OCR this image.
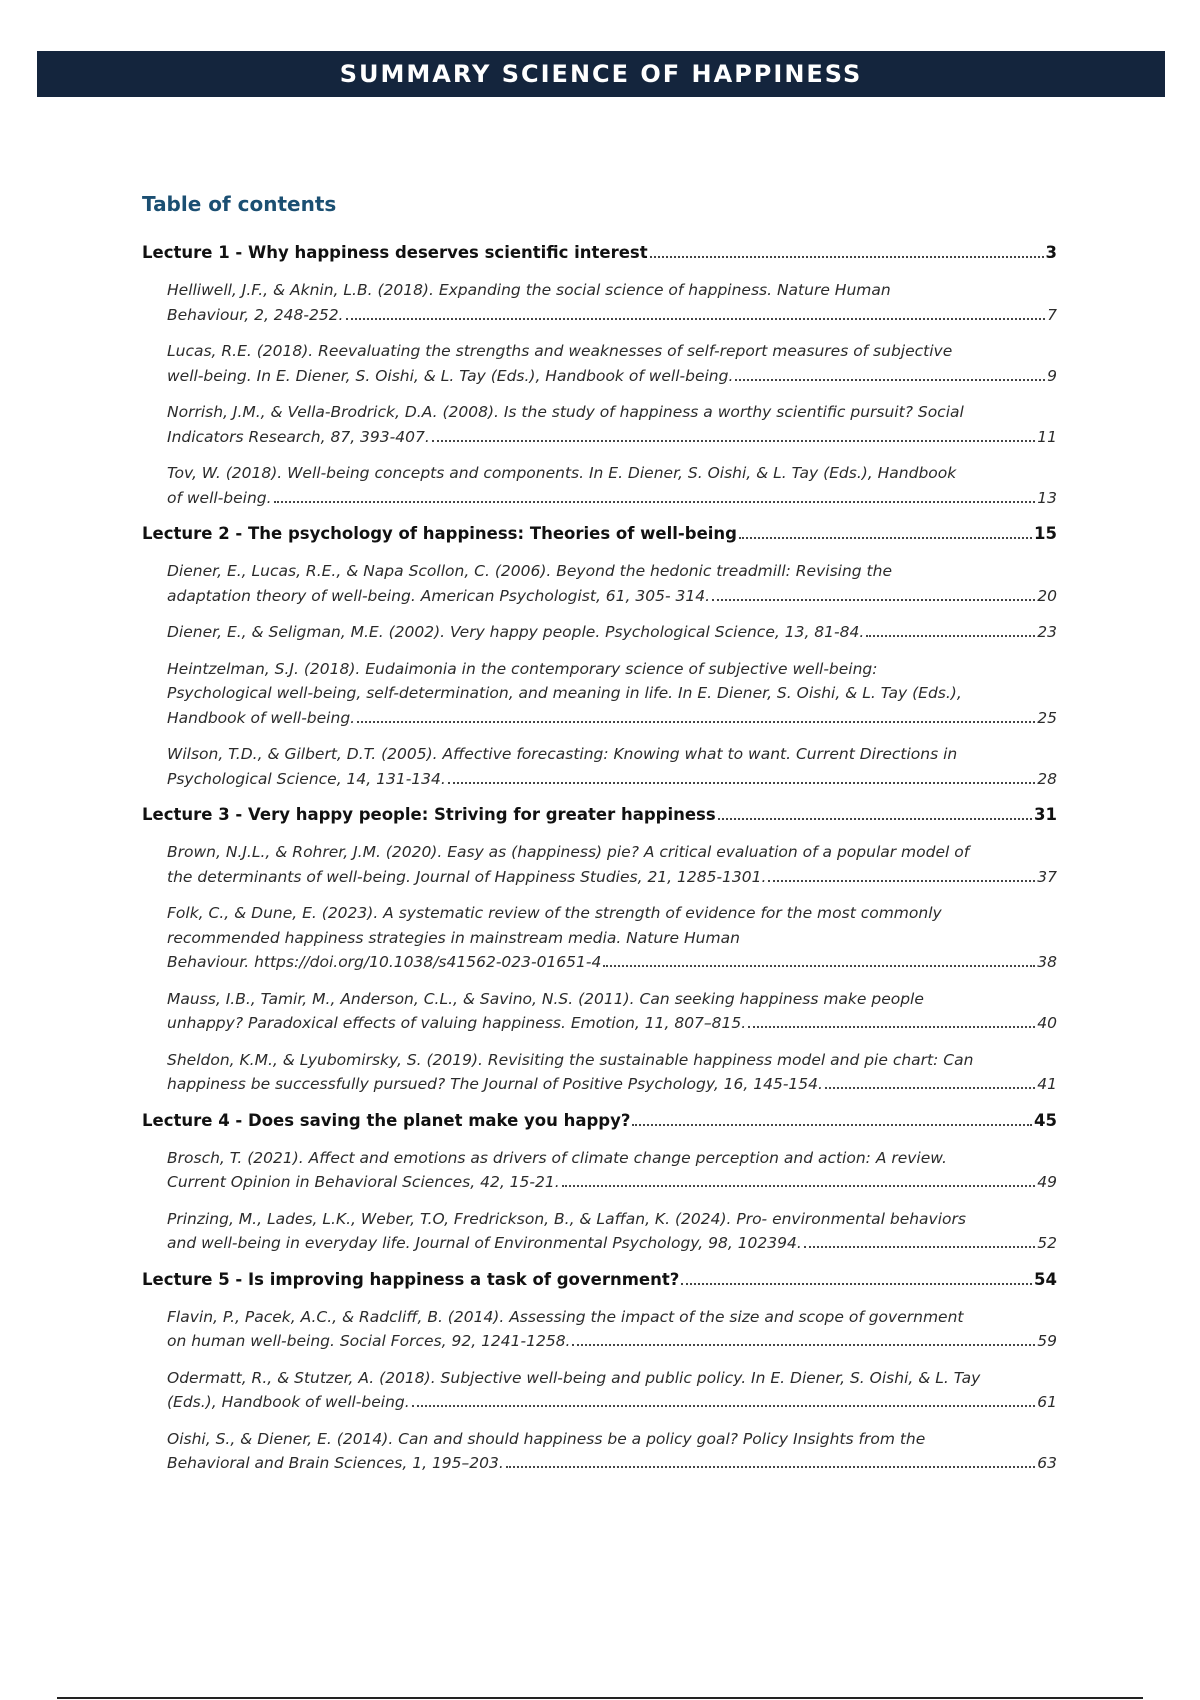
SUMMARY SCIENCE OF HAPPINESS
Table of contents
Lecture 1 - Why happiness deserves scientific interest	3
Helliwell, J.F., & Aknin, L.B. (2018). Expanding the social science of happiness. Nature Human
Behaviour, 2, 248-252.	7
Lucas, R.E. (2018). Reevaluating the strengths and weaknesses of self-report measures of subjective
well-being. In E. Diener, S. Oishi, & L. Tay (Eds.), Handbook of well-being.	9
Norrish, J.M., & Vella-Brodrick, D.A. (2008). Is the study of happiness a worthy scientific pursuit? Social
Indicators Research, 87, 393-407.	11
Tov, W. (2018). Well-being concepts and components. In E. Diener, S. Oishi, & L. Tay (Eds.), Handbook
of well-being.	13
Lecture 2 - The psychology of happiness: Theories of well-being	15
Diener, E., Lucas, R.E., & Napa Scollon, C. (2006). Beyond the hedonic treadmill: Revising the
adaptation theory of well-being. American Psychologist, 61, 305- 314.	20
Diener, E., & Seligman, M.E. (2002). Very happy people. Psychological Science, 13, 81-84.	23
Heintzelman, S.J. (2018). Eudaimonia in the contemporary science of subjective well-being:
Psychological well-being, self-determination, and meaning in life. In E. Diener, S. Oishi, & L. Tay (Eds.),
Handbook of well-being.	25
Wilson, T.D., & Gilbert, D.T. (2005). Affective forecasting: Knowing what to want. Current Directions in
Psychological Science, 14, 131-134.	28
Lecture 3 - Very happy people: Striving for greater happiness	31
Brown, N.J.L., & Rohrer, J.M. (2020). Easy as (happiness) pie? A critical evaluation of a popular model of
the determinants of well-being. Journal of Happiness Studies, 21, 1285-1301.	37
Folk, C., & Dune, E. (2023). A systematic review of the strength of evidence for the most commonly
recommended happiness strategies in mainstream media. Nature Human
Behaviour. https://doi.org/10.1038/s41562-023-01651-4	38
Mauss, I.B., Tamir, M., Anderson, C.L., & Savino, N.S. (2011). Can seeking happiness make people
unhappy? Paradoxical effects of valuing happiness. Emotion, 11, 807–815.	40
Sheldon, K.M., & Lyubomirsky, S. (2019). Revisiting the sustainable happiness model and pie chart: Can
happiness be successfully pursued? The Journal of Positive Psychology, 16, 145-154.	41
Lecture 4 - Does saving the planet make you happy?	45
Brosch, T. (2021). Affect and emotions as drivers of climate change perception and action: A review.
Current Opinion in Behavioral Sciences, 42, 15-21.	49
Prinzing, M., Lades, L.K., Weber, T.O, Fredrickson, B., & Laffan, K. (2024). Pro- environmental behaviors
and well-being in everyday life. Journal of Environmental Psychology, 98, 102394.	52
Lecture 5 - Is improving happiness a task of government?	54
Flavin, P., Pacek, A.C., & Radcliff, B. (2014). Assessing the impact of the size and scope of government
on human well-being. Social Forces, 92, 1241-1258.	59
Odermatt, R., & Stutzer, A. (2018). Subjective well-being and public policy. In E. Diener, S. Oishi, & L. Tay
(Eds.), Handbook of well-being.	61
Oishi, S., & Diener, E. (2014). Can and should happiness be a policy goal? Policy Insights from the
Behavioral and Brain Sciences, 1, 195–203.	63
